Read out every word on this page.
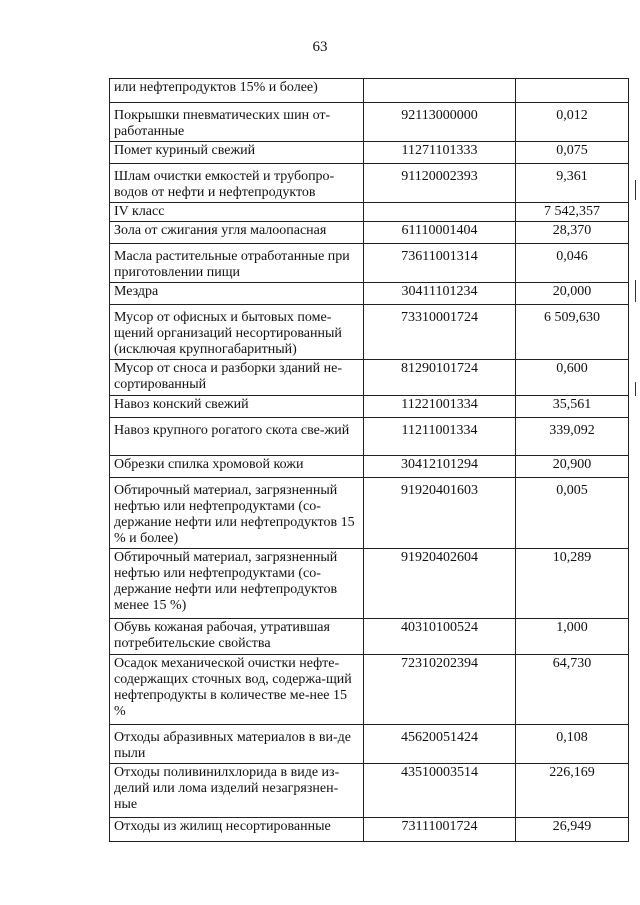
63
или нефтепродуктов 15% и более)		
Покрышки пневматических шин от-работанные	92113000000	0,012
Помет куриный свежий	11271101333	0,075
Шлам очистки емкостей и трубопро-водов от нефти и нефтепродуктов	91120002393	9,361
IV класс		7 542,357
Зола от сжигания угля малоопасная	61110001404	28,370
Масла растительные отработанные при приготовлении пищи	73611001314	0,046
Мездра	30411101234	20,000
Мусор от офисных и бытовых поме-щений организаций несортированный (исключая крупногабаритный)	73310001724	6 509,630
Мусор от сноса и разборки зданий не-сортированный	81290101724	0,600
Навоз конский свежий	11221001334	35,561
Навоз крупного рогатого скота све-жий	11211001334	339,092
Обрезки спилка хромовой кожи	30412101294	20,900
Обтирочный материал, загрязненный нефтью или нефтепродуктами (со-держание нефти или нефтепродуктов 15 % и более)	91920401603	0,005
Обтирочный материал, загрязненный нефтью или нефтепродуктами (со-держание нефти или нефтепродуктов менее 15 %)	91920402604	10,289
Обувь кожаная рабочая, утратившая потребительские свойства	40310100524	1,000
Осадок механической очистки нефте-содержащих сточных вод, содержа-щий нефтепродукты в количестве ме-нее 15 %	72310202394	64,730
Отходы абразивных материалов в ви-де пыли	45620051424	0,108
Отходы поливинилхлорида в виде из-делий или лома изделий незагрязнен-ные	43510003514	226,169
Отходы из жилищ несортированные	73111001724	26,949
